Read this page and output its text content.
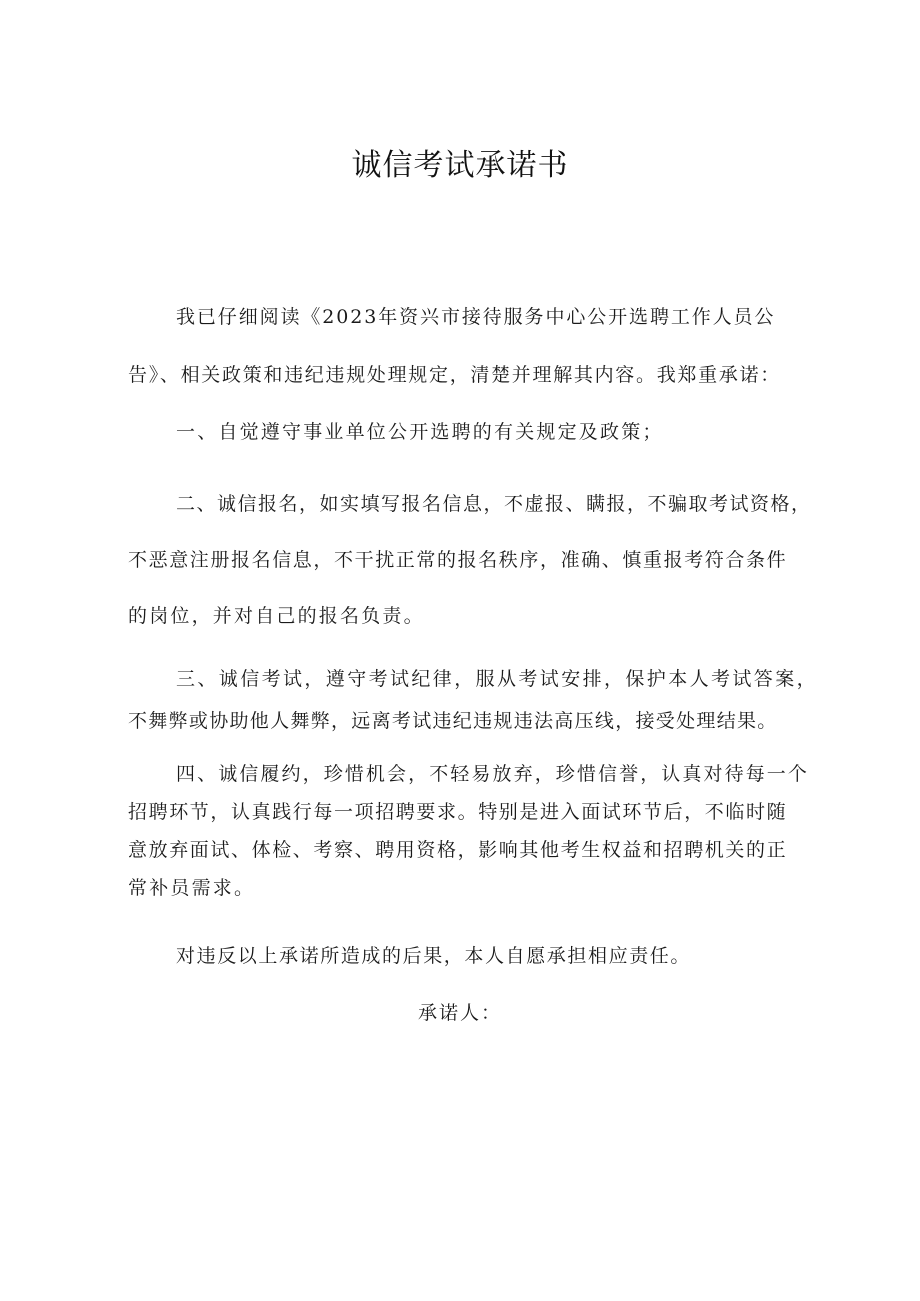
诚信考试承诺书
我已仔细阅读《2023年资兴市接待服务中心公开选聘工作人员公
告》、相关政策和违纪违规处理规定，清楚并理解其内容。我郑重承诺：
一、自觉遵守事业单位公开选聘的有关规定及政策；
二、诚信报名，如实填写报名信息，不虚报、瞒报，不骗取考试资格，
不恶意注册报名信息，不干扰正常的报名秩序，准确、慎重报考符合条件
的岗位，并对自己的报名负责。
三、诚信考试，遵守考试纪律，服从考试安排，保护本人考试答案，
不舞弊或协助他人舞弊，远离考试违纪违规违法高压线，接受处理结果。
四、诚信履约，珍惜机会，不轻易放弃，珍惜信誉，认真对待每一个
招聘环节，认真践行每一项招聘要求。特别是进入面试环节后，不临时随
意放弃面试、体检、考察、聘用资格，影响其他考生权益和招聘机关的正
常补员需求。
对违反以上承诺所造成的后果，本人自愿承担相应责任。
承诺人：
